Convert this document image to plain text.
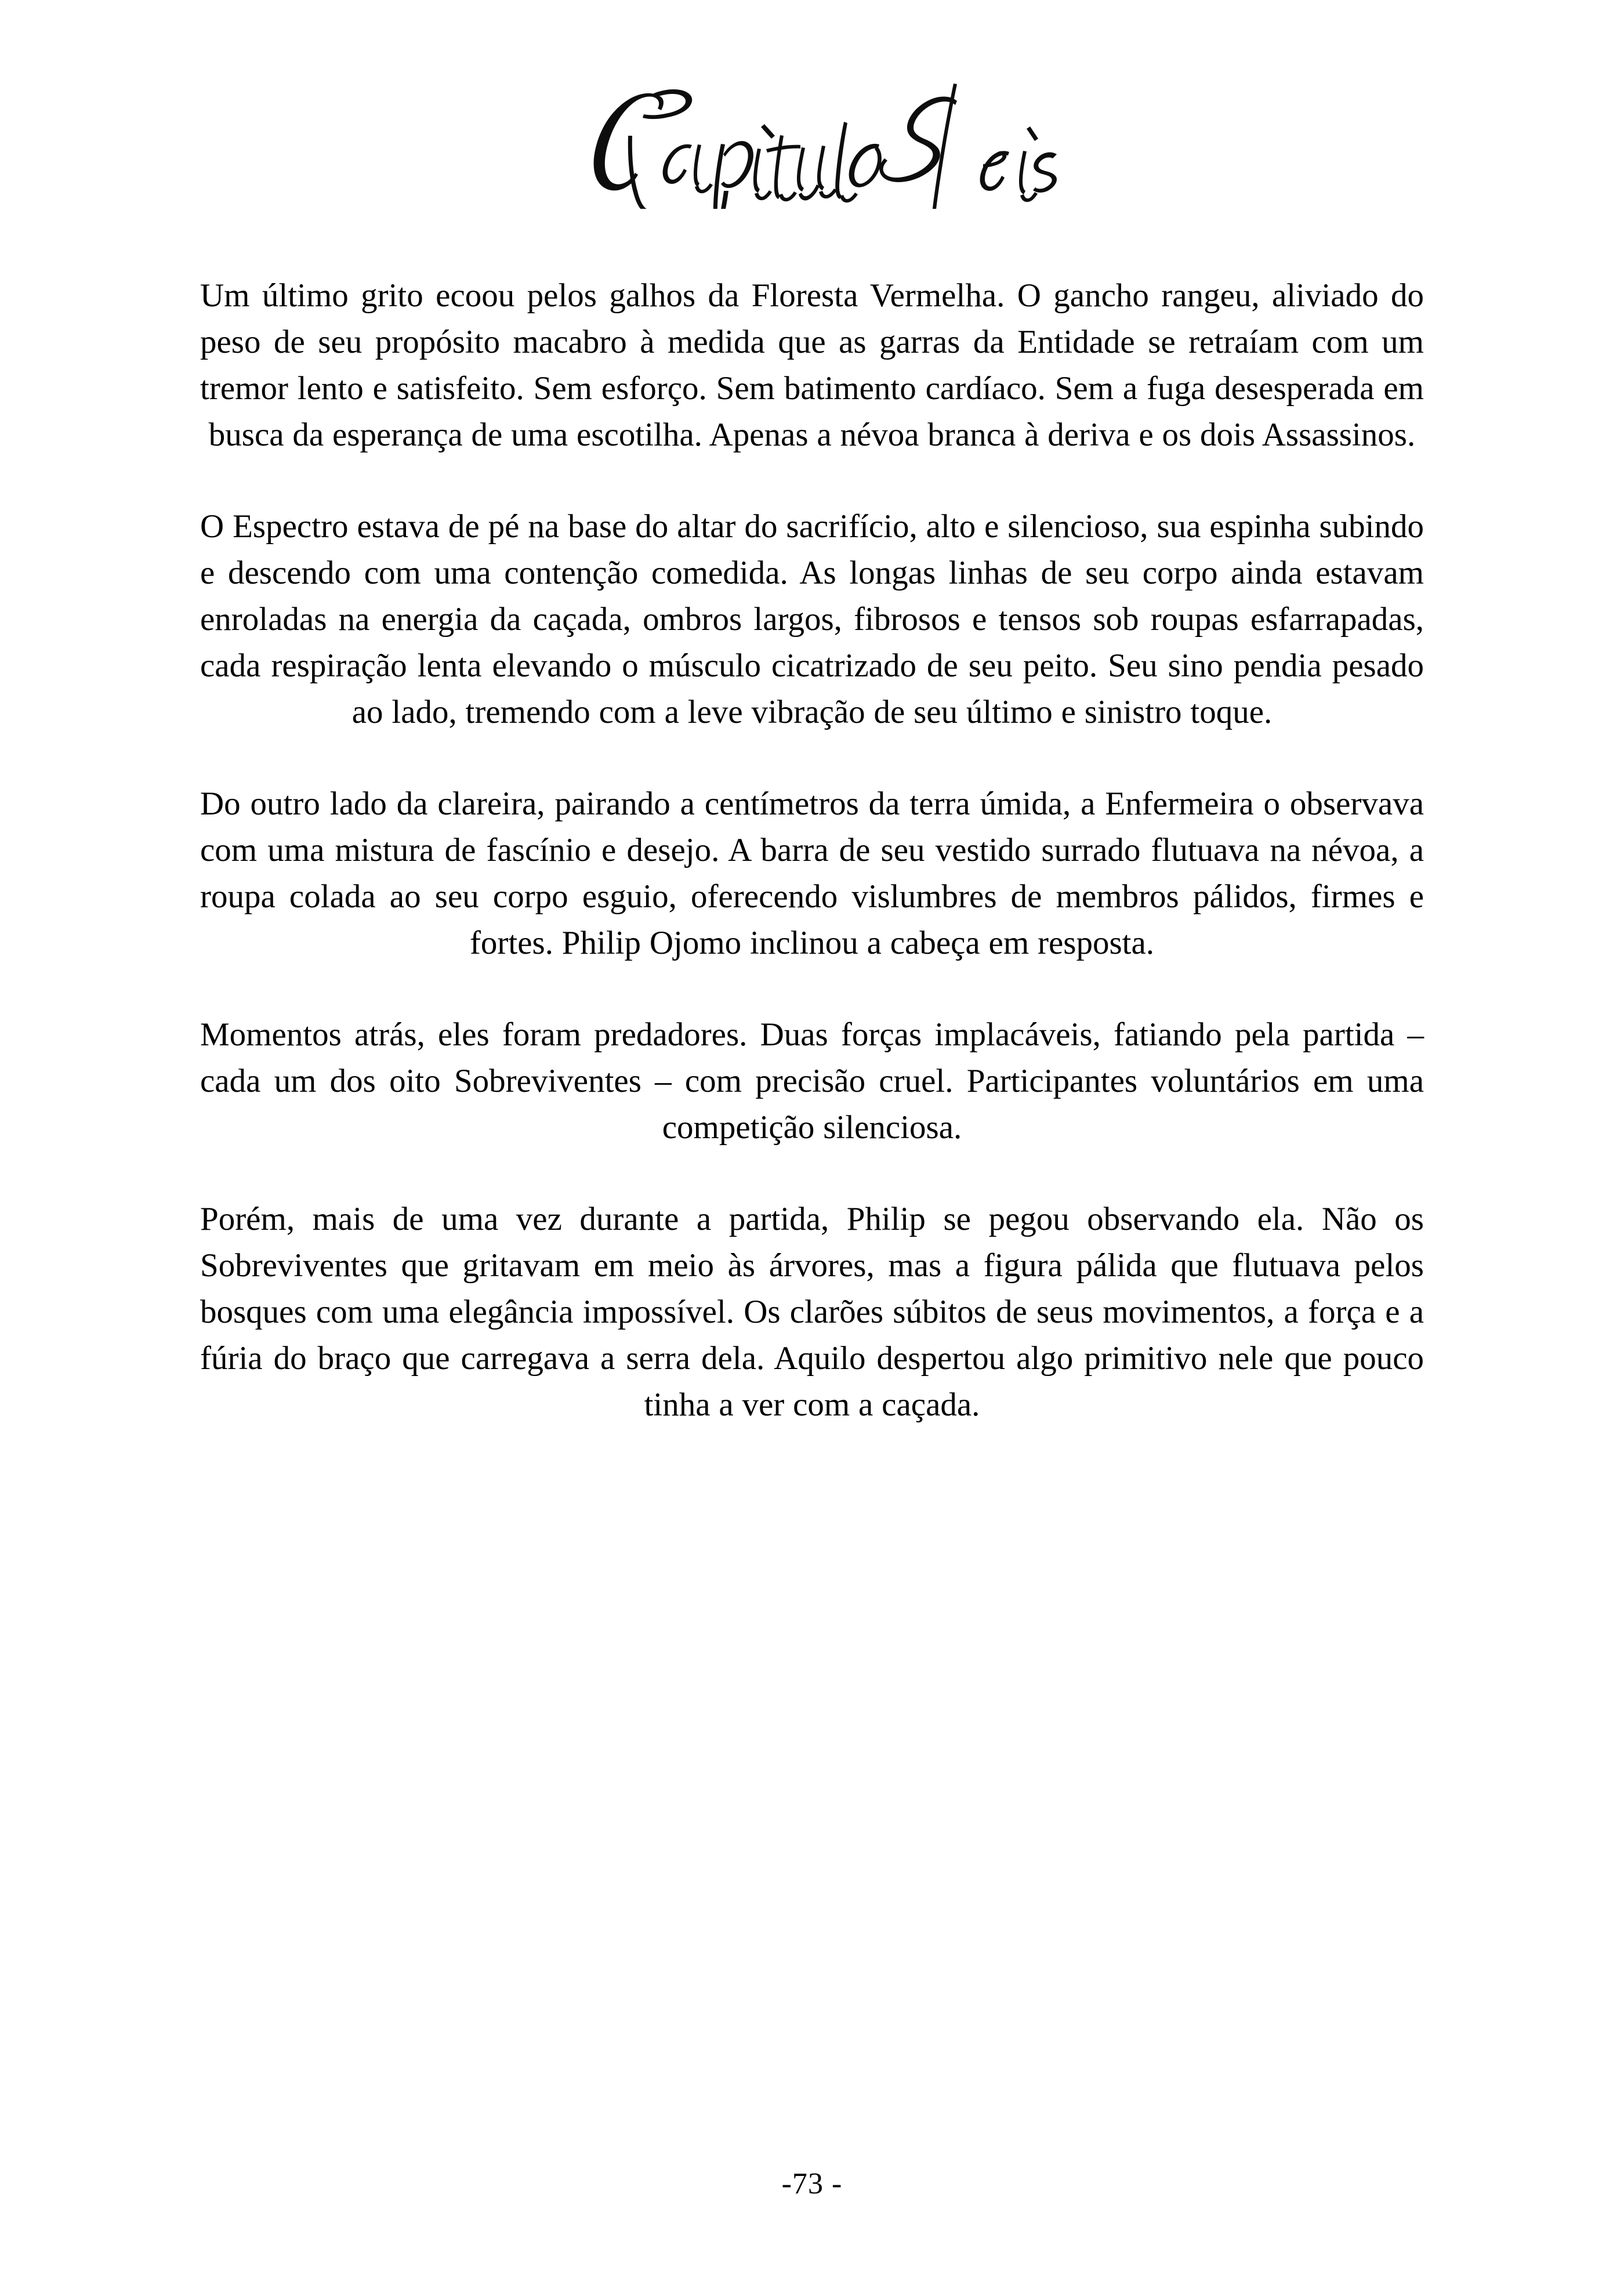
Um último grito ecoou pelos galhos da Floresta Vermelha. O gancho rangeu, aliviado do peso de seu propósito macabro à medida que as garras da Entidade se retraíam com um tremor lento e satisfeito. Sem esforço. Sem batimento cardíaco. Sem a fuga desesperada em busca da esperança de uma escotilha. Apenas a névoa branca à deriva e os dois Assassinos.

O Espectro estava de pé na base do altar do sacrifício, alto e silencioso, sua espinha subindo e descendo com uma contenção comedida. As longas linhas de seu corpo ainda estavam enroladas na energia da caçada, ombros largos, fibrosos e tensos sob roupas esfarrapadas, cada respiração lenta elevando o músculo cicatrizado de seu peito. Seu sino pendia pesado ao lado, tremendo com a leve vibração de seu último e sinistro toque.

Do outro lado da clareira, pairando a centímetros da terra úmida, a Enfermeira o observava com uma mistura de fascínio e desejo. A barra de seu vestido surrado flutuava na névoa, a roupa colada ao seu corpo esguio, oferecendo vislumbres de membros pálidos, firmes e fortes. Philip Ojomo inclinou a cabeça em resposta.

Momentos atrás, eles foram predadores. Duas forças implacáveis, fatiando pela partida – cada um dos oito Sobreviventes – com precisão cruel. Participantes voluntários em uma competição silenciosa.

Porém, mais de uma vez durante a partida, Philip se pegou observando ela. Não os Sobreviventes que gritavam em meio às árvores, mas a figura pálida que flutuava pelos bosques com uma elegância impossível. Os clarões súbitos de seus movimentos, a força e a fúria do braço que carregava a serra dela. Aquilo despertou algo primitivo nele que pouco tinha a ver com a caçada.

-73 -
